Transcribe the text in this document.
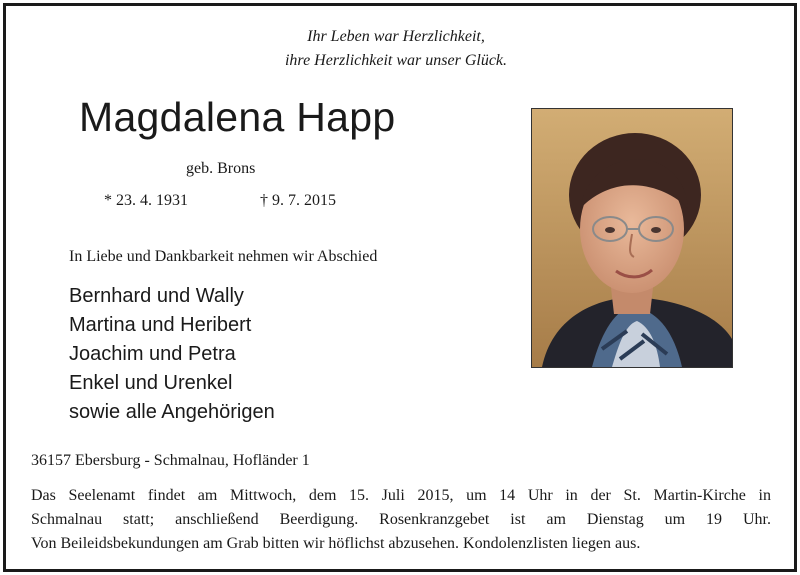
Ihr Leben war Herzlichkeit,
ihre Herzlichkeit war unser Glück.
Magdalena Happ
geb. Brons
* 23. 4. 1931	† 9. 7. 2015
In Liebe und Dankbarkeit nehmen wir Abschied
Bernhard und Wally
Martina und Heribert
Joachim und Petra
Enkel und Urenkel
sowie alle Angehörigen
36157 Ebersburg - Schmalnau, Hofländer 1
Das Seelenamt findet am Mittwoch, dem 15. Juli 2015, um 14 Uhr in der St. Martin-Kirche in
Schmalnau statt; anschließend Beerdigung. Rosenkranzgebet ist am Dienstag um 19 Uhr.
Von Beileidsbekundungen am Grab bitten wir höflichst abzusehen. Kondolenzlisten liegen aus.
